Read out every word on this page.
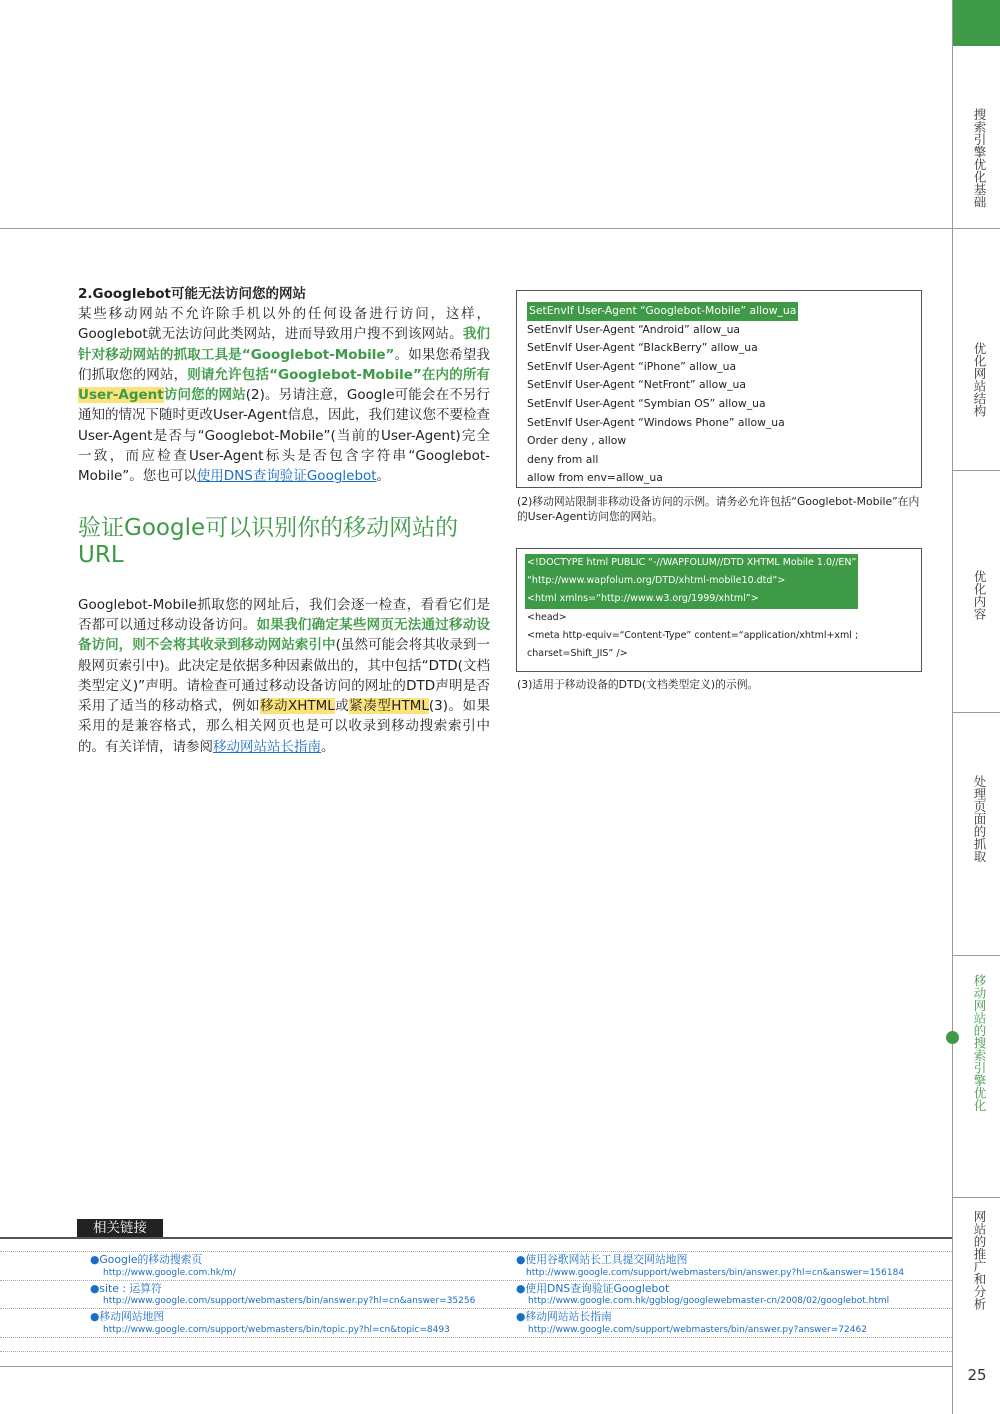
搜索引擎优化基础
优化网站结构
优化内容
处理页面的抓取
移动网站的搜索引擎优化
网站的推广和分析
25
2.Googlebot可能无法访问您的网站

某些移动网站不允许除手机以外的任何设备进行访问，这样，Googlebot就无法访问此类网站，进而导致用户搜不到该网站。我们针对移动网站的抓取工具是“Googlebot-Mobile”。如果您希望我们抓取您的网站，则请允许包括“Googlebot-Mobile”在内的所有User-Agent访问您的网站(2)。另请注意，Google可能会在不另行通知的情况下随时更改User-Agent信息，因此，我们建议您不要检查User-Agent是否与“Googlebot-Mobile”(当前的User-Agent)完全一致，而应检查User-Agent标头是否包含字符串“Googlebot-Mobile”。您也可以使用DNS查询验证Googlebot。

验证Google可以识别你的移动网站的URL

Googlebot-Mobile抓取您的网址后，我们会逐一检查，看看它们是否都可以通过移动设备访问。如果我们确定某些网页无法通过移动设备访问，则不会将其收录到移动网站索引中(虽然可能会将其收录到一般网页索引中)。此决定是依据多种因素做出的，其中包括“DTD(文档类型定义)”声明。请检查可通过移动设备访问的网址的DTD声明是否采用了适当的移动格式，例如移动XHTML或紧凑型HTML(3)。如果采用的是兼容格式，那么相关网页也是可以收录到移动搜索索引中的。有关详情，请参阅移动网站站长指南。

SetEnvIf User-Agent “Googlebot-Mobile” allow_ua
SetEnvIf User-Agent “Android” allow_ua
SetEnvIf User-Agent “BlackBerry” allow_ua
SetEnvIf User-Agent “iPhone” allow_ua
SetEnvIf User-Agent “NetFront” allow_ua
SetEnvIf User-Agent “Symbian OS” allow_ua
SetEnvIf User-Agent “Windows Phone” allow_ua
Order deny , allow
deny from all
allow from env=allow_ua
(2)移动网站限制非移动设备访问的示例。请务必允许包括“Googlebot-Mobile”在内的User-Agent访问您的网站。
<!DOCTYPE html PUBLIC “-//WAPFOLUM//DTD XHTML Mobile 1.0//EN”
“http://www.wapfolum.org/DTD/xhtml-mobile10.dtd”>
<html xmlns=“http://www.w3.org/1999/xhtml”>
<head>
<meta http-equiv=“Content-Type” content=“application/xhtml+xml ;
charset=Shift_JIS” />
(3)适用于移动设备的DTD(文档类型定义)的示例。
相关链接
●Google的移动搜索页
http://www.google.com.hk/m/
●site : 运算符
http://www.google.com/support/webmasters/bin/answer.py?hl=cn&answer=35256
●移动网站地图
http://www.google.com/support/webmasters/bin/topic.py?hl=cn&topic=8493
●使用谷歌网站长工具提交网站地图
http://www.google.com/support/webmasters/bin/answer.py?hl=cn&answer=156184
●使用DNS查询验证Googlebot
http://www.google.com.hk/ggblog/googlewebmaster-cn/2008/02/googlebot.html
●移动网站站长指南
http://www.google.com/support/webmasters/bin/answer.py?answer=72462
